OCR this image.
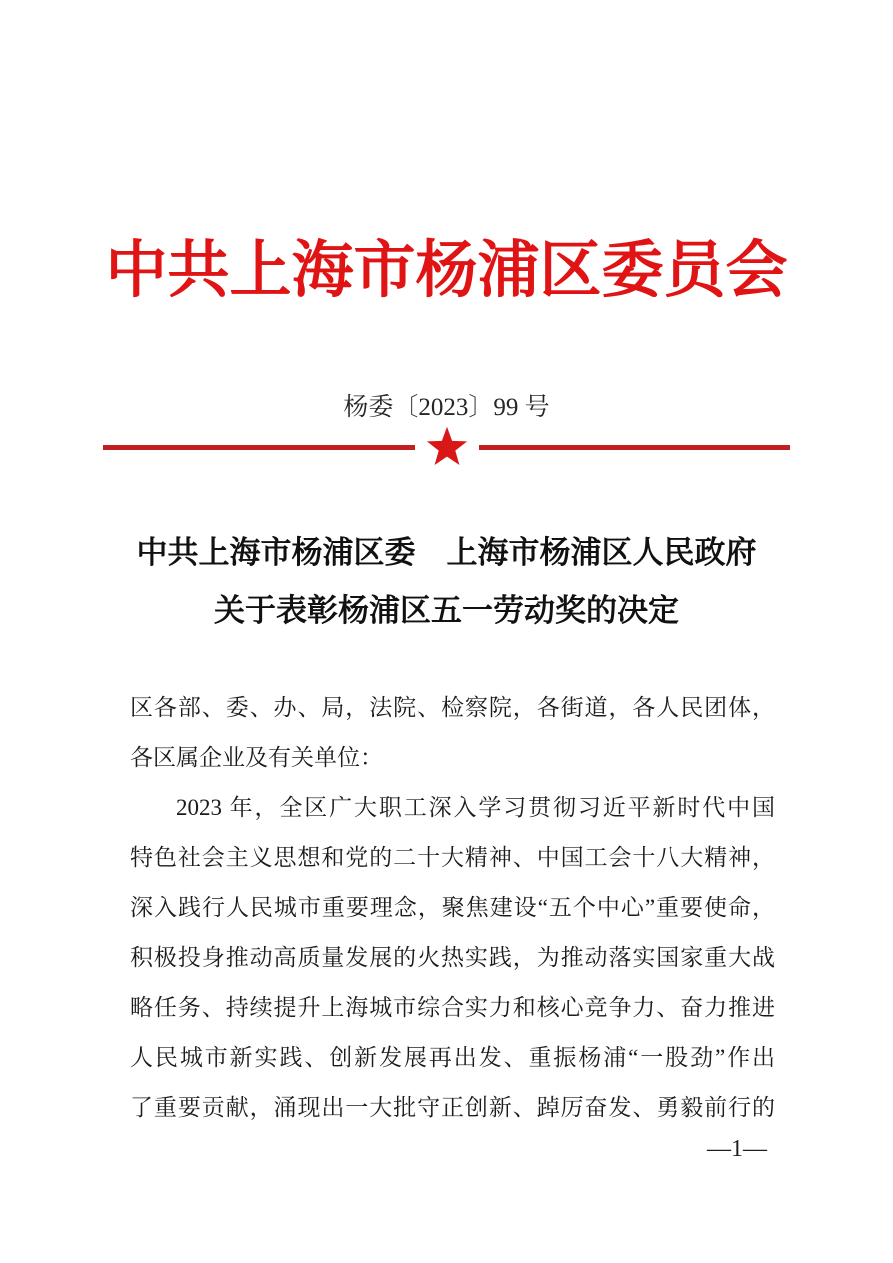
中共上海市杨浦区委员会
杨委〔2023〕99 号
中共上海市杨浦区委　上海市杨浦区人民政府
关于表彰杨浦区五一劳动奖的决定
区各部、委、办、局，法院、检察院，各街道，各人民团体，
各区属企业及有关单位：
2023 年，全区广大职工深入学习贯彻习近平新时代中国
特色社会主义思想和党的二十大精神、中国工会十八大精神，
深入践行人民城市重要理念，聚焦建设“五个中心”重要使命，
积极投身推动高质量发展的火热实践，为推动落实国家重大战
略任务、持续提升上海城市综合实力和核心竞争力、奋力推进
人民城市新实践、创新发展再出发、重振杨浦“一股劲”作出
了重要贡献，涌现出一大批守正创新、踔厉奋发、勇毅前行的
—1—
